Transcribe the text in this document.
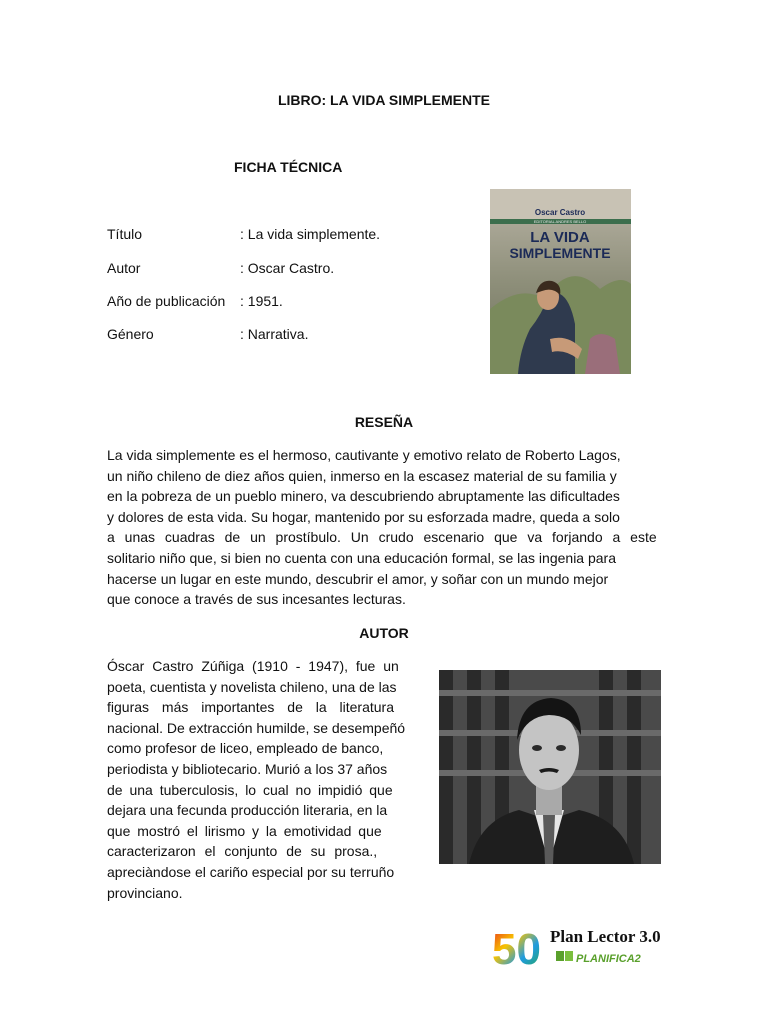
LIBRO: LA VIDA SIMPLEMENTE
FICHA TÉCNICA
Título	: La vida simplemente.
Autor	: Oscar Castro.
Año de publicación : 1951.
Género	: Narrativa.
Oscar Castro
EDITORIAL ANDRES BELLO
LA VIDA
SIMPLEMENTE
RESEÑA

La vida simplemente es el hermoso, cautivante y emotivo relato de Roberto Lagos,

un niño chileno de diez años quien, inmerso en la escasez material de su familia y

en la pobreza de un pueblo minero, va descubriendo abruptamente las dificultades

y dolores de esta vida. Su hogar, mantenido por su esforzada madre, queda a solo

a unas cuadras de un prostíbulo. Un crudo escenario que va forjando a este

solitario niño que, si bien no cuenta con una educación formal, se las ingenia para

hacerse un lugar en este mundo, descubrir el amor, y soñar con un mundo mejor

que conoce a través de sus incesantes lecturas.

AUTOR

Óscar Castro Zúñiga (1910 - 1947), fue un

poeta, cuentista y novelista chileno, una de las

figuras más importantes de la literatura

nacional. De extracción humilde, se desempeñó

como profesor de liceo, empleado de banco,

periodista y bibliotecario. Murió a los 37 años

de una tuberculosis, lo cual no impidió que

dejara una fecunda producción literaria, en la

que mostró el lirismo y la emotividad que

caracterizaron el conjunto de su prosa.,

apreciàndose el cariño especial por su terruño

provinciano.

50 Plan Lector 3.0
PLANIFICA2
